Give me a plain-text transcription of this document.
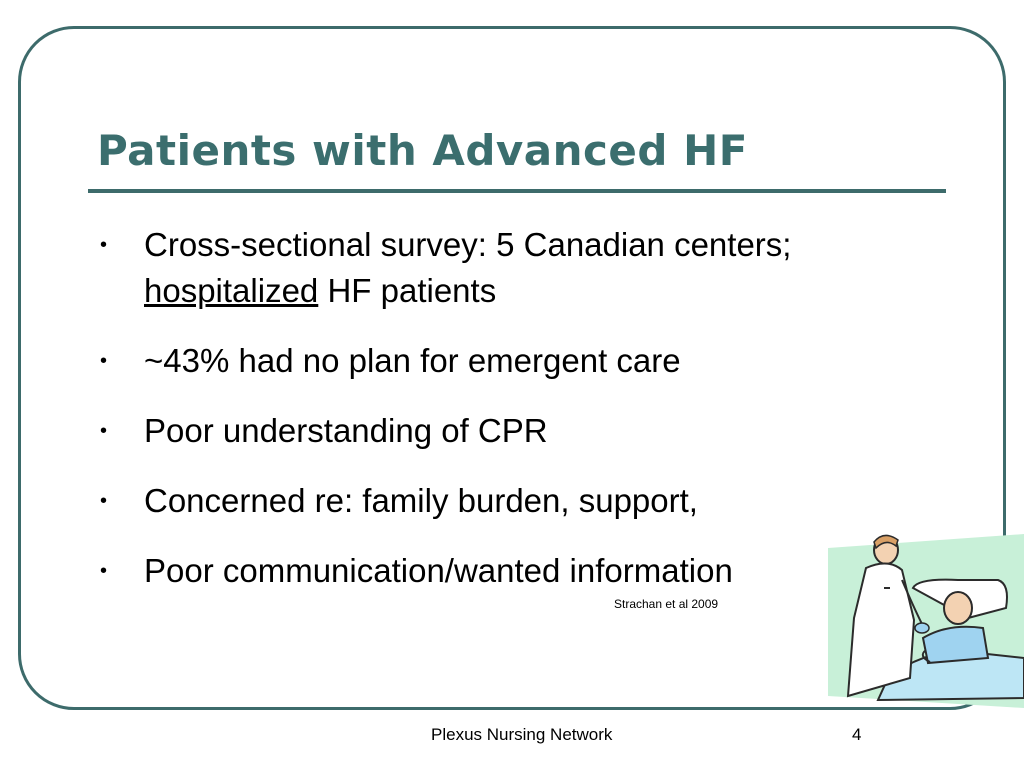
Patients with Advanced HF
• Cross-sectional survey: 5 Canadian centers;
hospitalized HF patients
• ~43% had no plan for emergent care
• Poor understanding of CPR
• Concerned re: family burden, support,
• Poor communication/wanted information
Strachan et al 2009
Plexus Nursing Network	4
